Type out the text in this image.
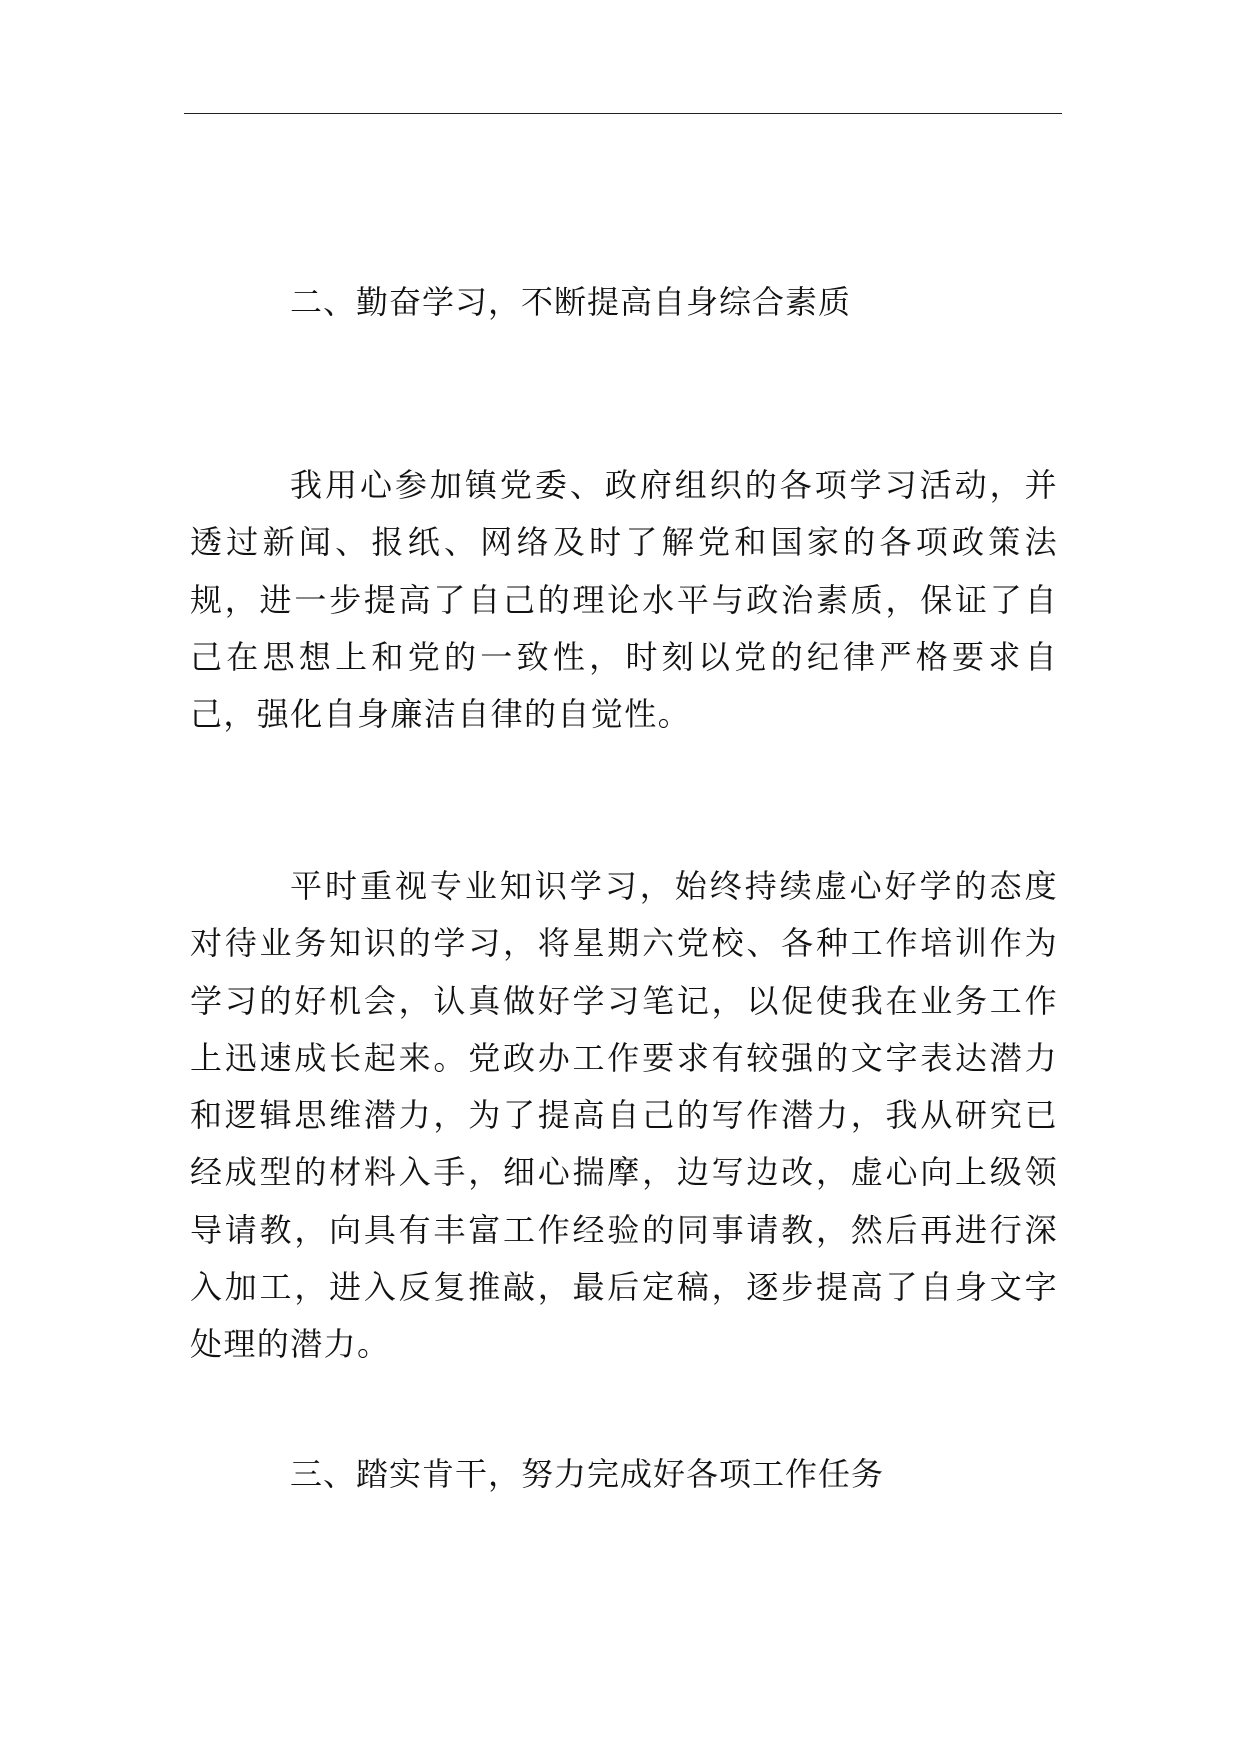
二、勤奋学习，不断提高自身综合素质

我用心参加镇党委、政府组织的各项学习活动，并透过新闻、报纸、网络及时了解党和国家的各项政策法规，进一步提高了自己的理论水平与政治素质，保证了自己在思想上和党的一致性，时刻以党的纪律严格要求自己，强化自身廉洁自律的自觉性。

平时重视专业知识学习，始终持续虚心好学的态度对待业务知识的学习，将星期六党校、各种工作培训作为学习的好机会，认真做好学习笔记，以促使我在业务工作上迅速成长起来。党政办工作要求有较强的文字表达潜力和逻辑思维潜力，为了提高自己的写作潜力，我从研究已经成型的材料入手，细心揣摩，边写边改，虚心向上级领导请教，向具有丰富工作经验的同事请教，然后再进行深入加工，进入反复推敲，最后定稿，逐步提高了自身文字处理的潜力。

三、踏实肯干，努力完成好各项工作任务
